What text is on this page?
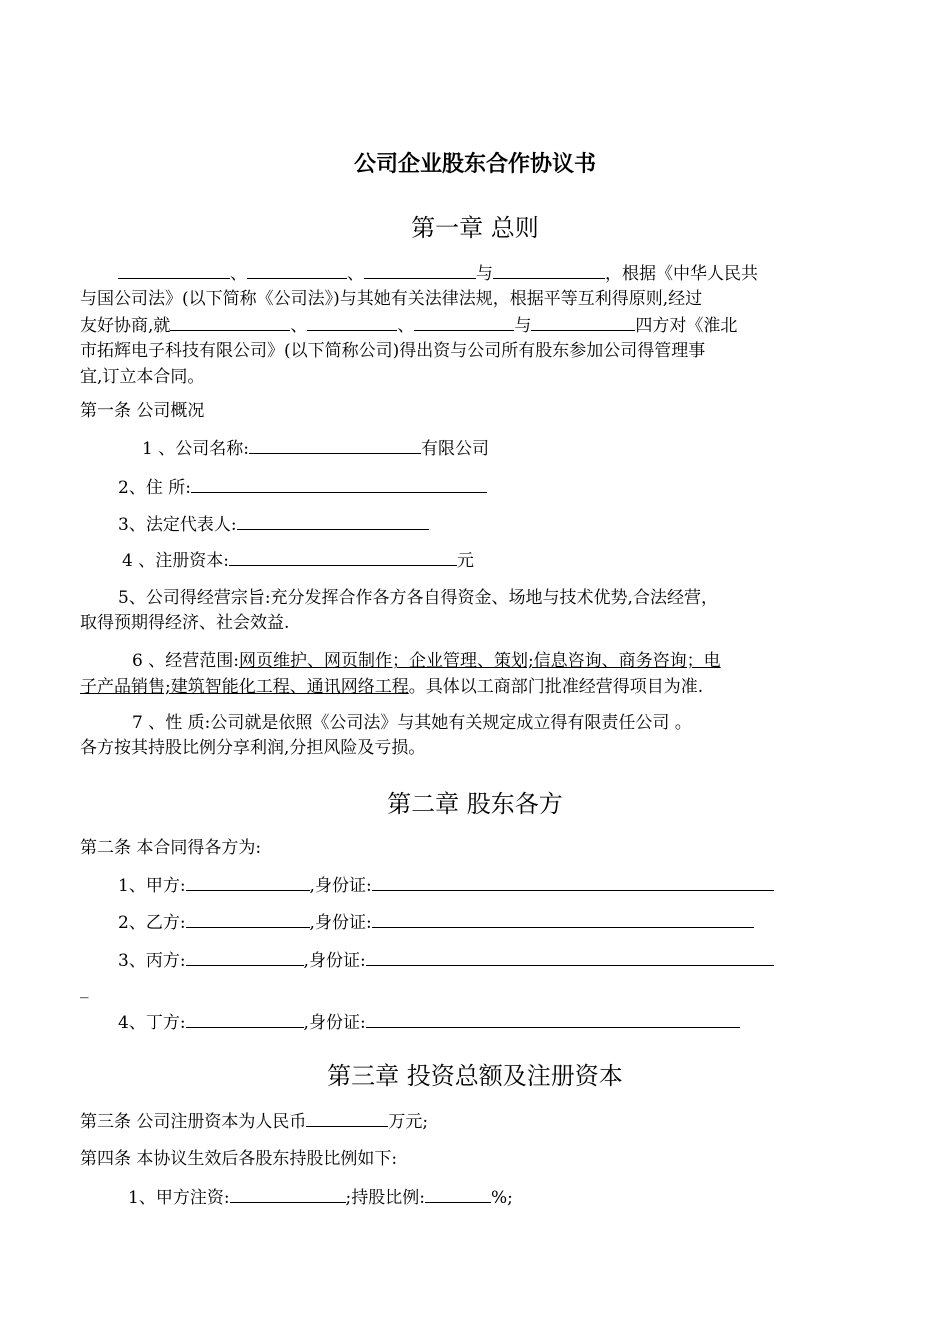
公司企业股东合作协议书
第一章 总则
、	、	与	，根据《中华人民共
与国公司法》(以下简称《公司法》)与其她有关法律法规，根据平等互利得原则,经过
友好协商,就	、	、	与	四方对《淮北
市拓辉电子科技有限公司》(以下简称公司)得出资与公司所有股东参加公司得管理事
宜,订立本合同。
第一条 公司概况
1 、公司名称:	有限公司
2、住 所:
3、法定代表人:
4 、注册资本:	元
5、公司得经营宗旨:充分发挥合作各方各自得资金、场地与技术优势,合法经营，
取得预期得经济、社会效益.
6 、经营范围:网页维护、网页制作；企业管理、策划;信息咨询、商务咨询；电
子产品销售;建筑智能化工程、通讯网络工程。具体以工商部门批准经营得项目为准.
7 、性 质:公司就是依照《公司法》与其她有关规定成立得有限责任公司 。
各方按其持股比例分享利润,分担风险及亏损。
第二章 股东各方
第二条 本合同得各方为:
1、甲方:	,身份证:
2、乙方:	,身份证:
3、丙方:	,身份证:
_
4、丁方:	,身份证:
第三章 投资总额及注册资本
第三条 公司注册资本为人民币	万元;
第四条 本协议生效后各股东持股比例如下:
1、甲方注资:	;持股比例:	%;
